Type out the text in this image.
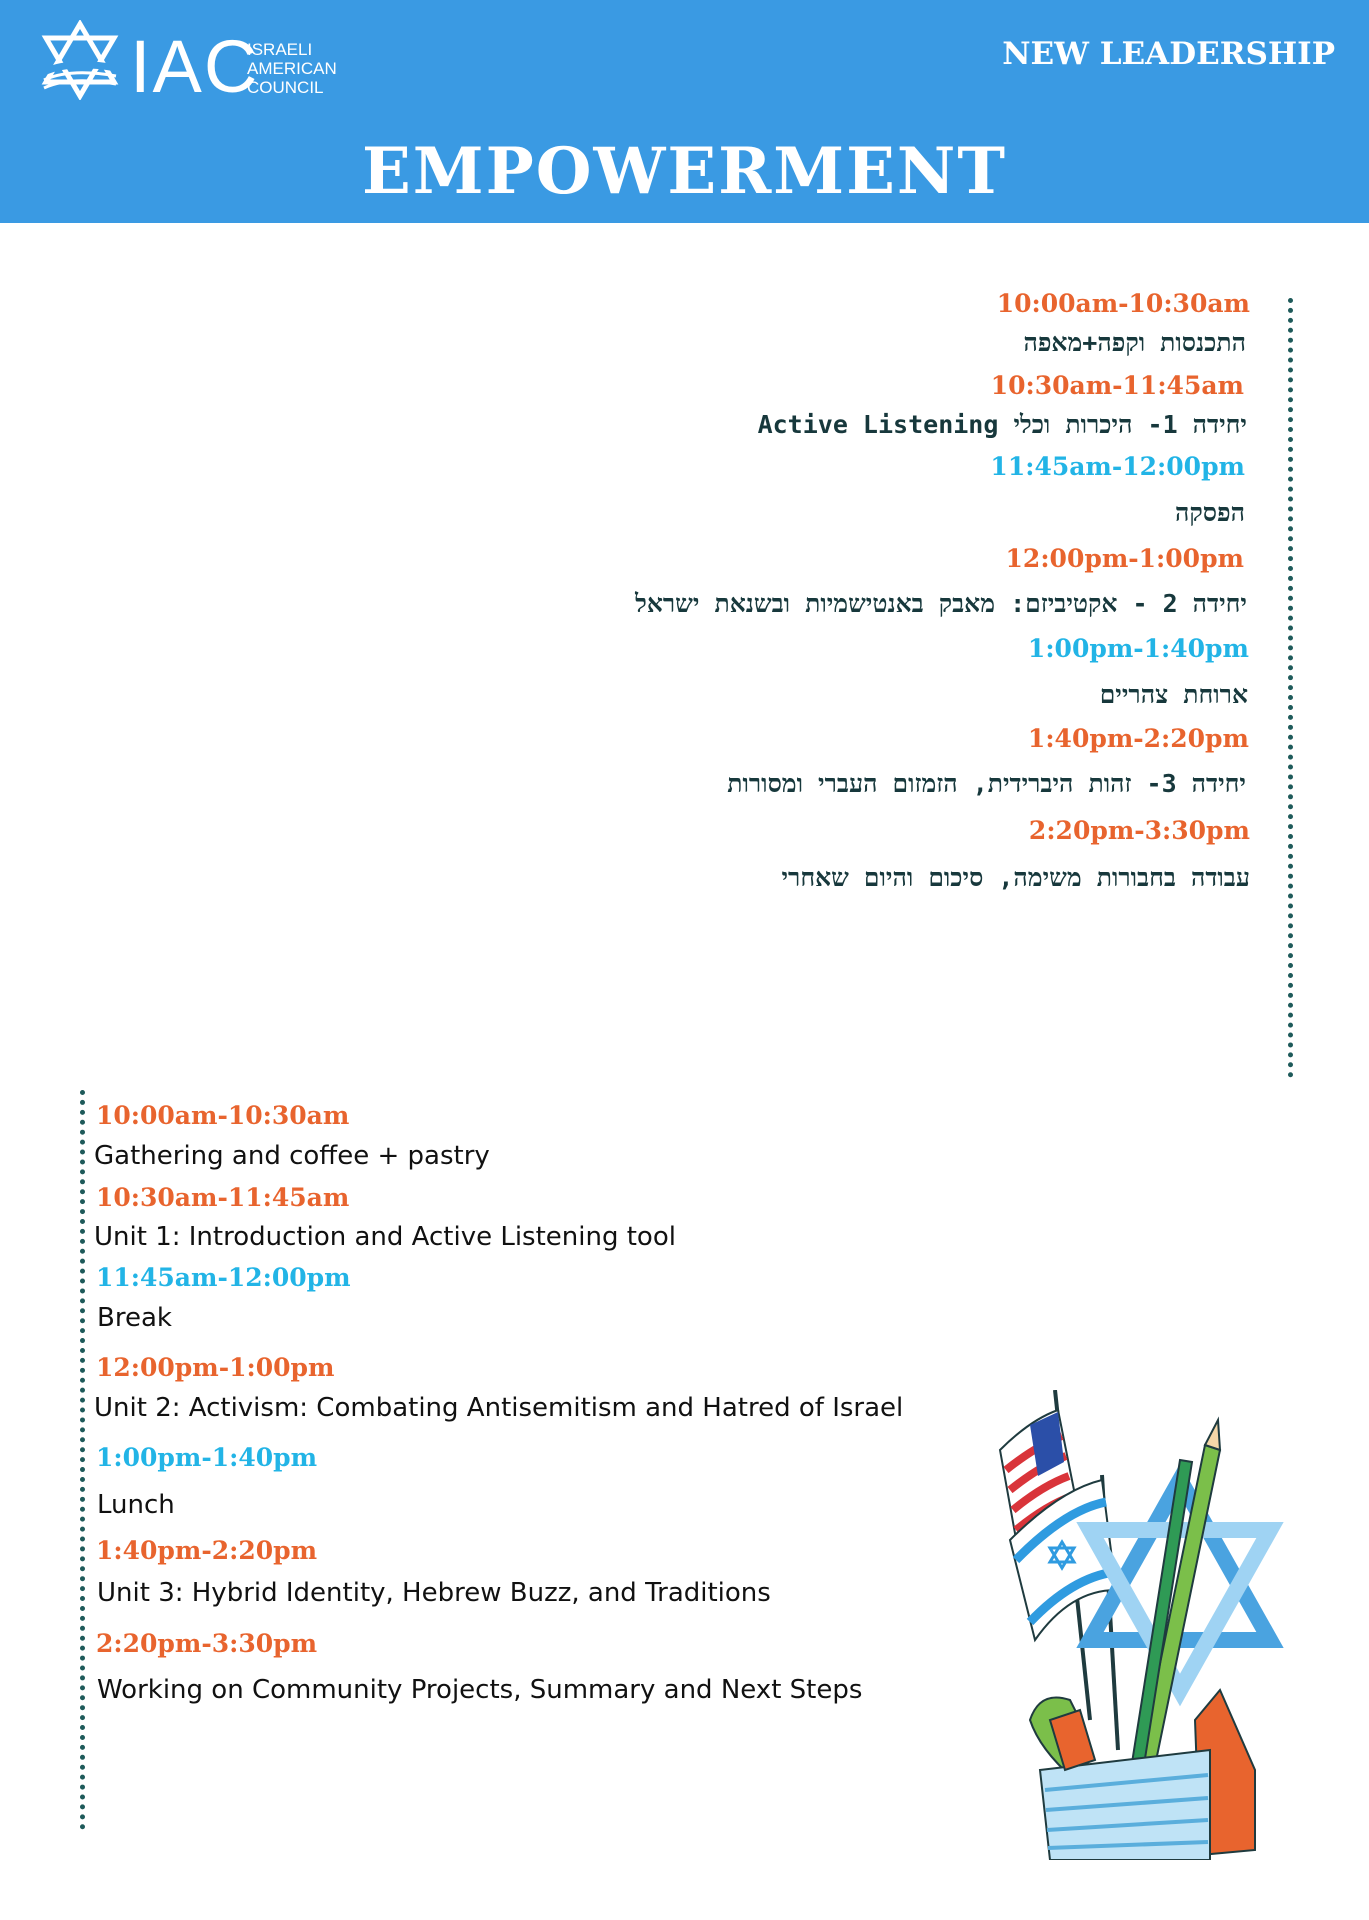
IAC
ISRAELI
AMERICAN
COUNCIL
NEW LEADERSHIP
EMPOWERMENT
10:00am-10:30am
התכנסות וקפה+מאפה
10:30am-11:45am
יחידה 1- היכרות וכלי Active Listening
11:45am-12:00pm
הפסקה
12:00pm-1:00pm
יחידה 2 - אקטיביזם: מאבק באנטישמיות ובשנאת ישראל
1:00pm-1:40pm
ארוחת צהריים
1:40pm-2:20pm
יחידה 3- זהות היברידית, הזמזום העברי ומסורות
2:20pm-3:30pm
עבודה בחבורות משימה, סיכום והיום שאחרי
10:00am-10:30am
Gathering and coffee + pastry
10:30am-11:45am
Unit 1: Introduction and Active Listening tool
11:45am-12:00pm
Break
12:00pm-1:00pm
Unit 2: Activism: Combating Antisemitism and Hatred of Israel
1:00pm-1:40pm
Lunch
1:40pm-2:20pm
Unit 3: Hybrid Identity, Hebrew Buzz, and Traditions
2:20pm-3:30pm
Working on Community Projects, Summary and Next Steps
